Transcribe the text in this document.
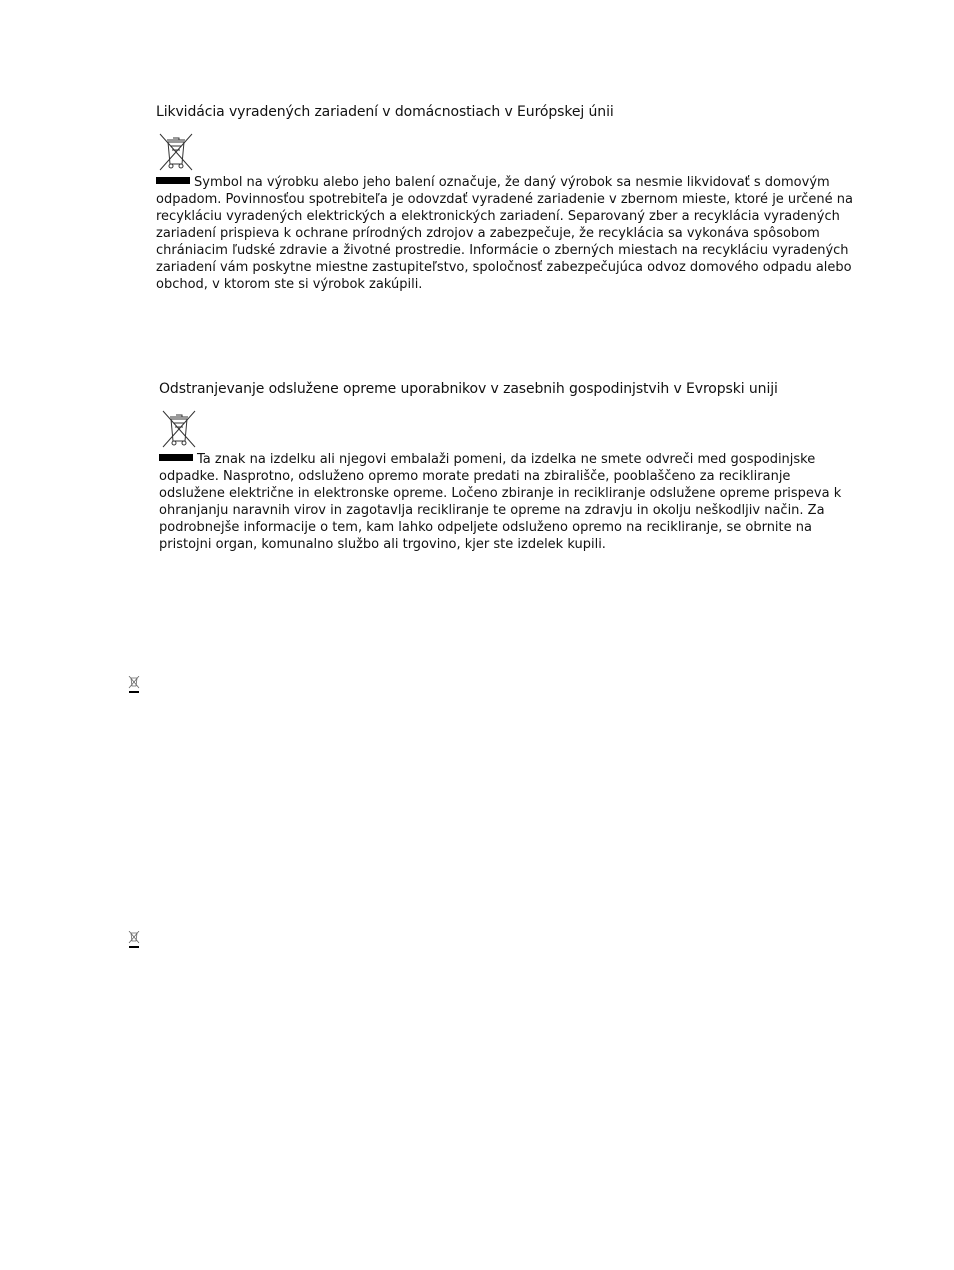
Likvidácia vyradených zariadení v domácnostiach v Európskej únii

Symbol na výrobku alebo jeho balení označuje, že daný výrobok sa nesmie likvidovať s domovým odpadom. Povinnosťou spotrebiteľa je odovzdať vyradené zariadenie v zbernom mieste, ktoré je určené na recykláciu vyradených elektrických a elektronických zariadení. Separovaný zber a recyklácia vyradených zariadení prispieva k ochrane prírodných zdrojov a zabezpečuje, že recyklácia sa vykonáva spôsobom chrániacim ľudské zdravie a životné prostredie. Informácie o zberných miestach na recykláciu vyradených zariadení vám poskytne miestne zastupiteľstvo, spoločnosť zabezpečujúca odvoz domového odpadu alebo obchod, v ktorom ste si výrobok zakúpili.

Odstranjevanje odslužene opreme uporabnikov v zasebnih gospodinjstvih v Evropski uniji

Ta znak na izdelku ali njegovi embalaži pomeni, da izdelka ne smete odvreči med gospodinjske odpadke. Nasprotno, odsluženo opremo morate predati na zbirališče, pooblaščeno za recikliranje odslužene električne in elektronske opreme. Ločeno zbiranje in recikliranje odslužene opreme prispeva k ohranjanju naravnih virov in zagotavlja recikliranje te opreme na zdravju in okolju neškodljiv način. Za podrobnejše informacije o tem, kam lahko odpeljete odsluženo opremo na recikliranje, se obrnite na pristojni organ, komunalno službo ali trgovino, kjer ste izdelek kupili.
